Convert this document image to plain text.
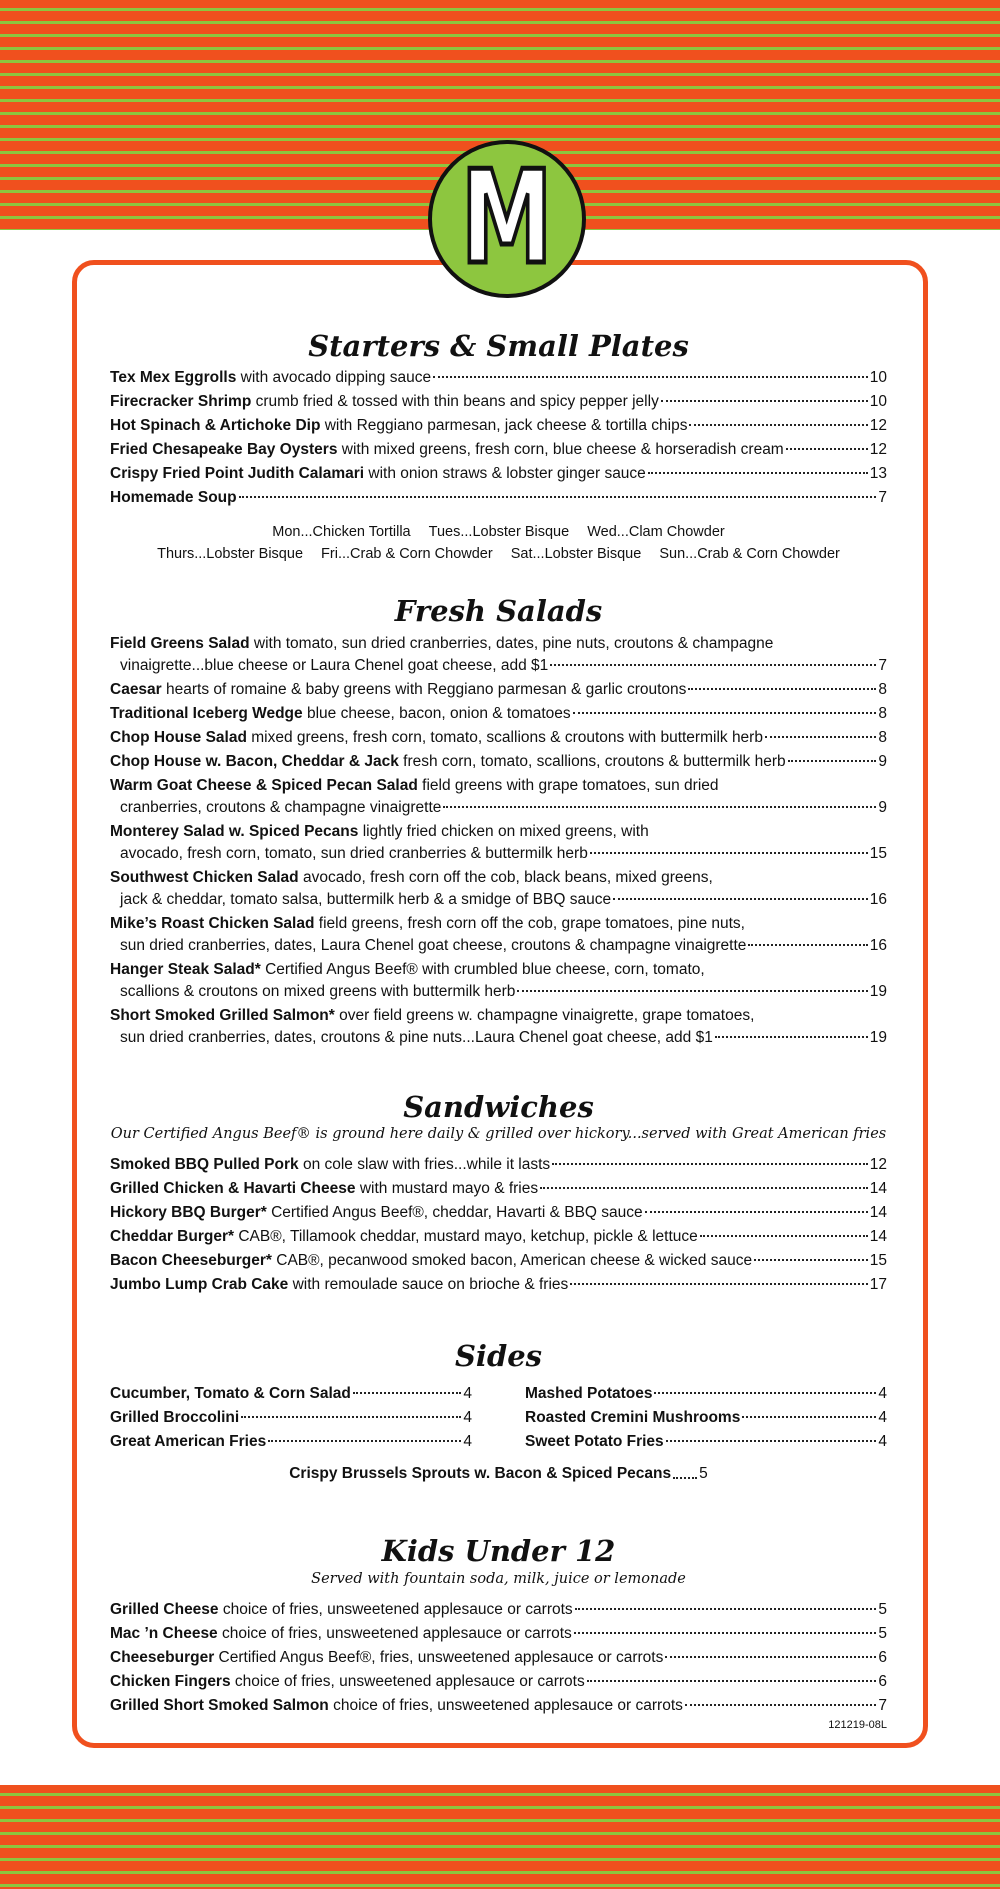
M
Starters & Small Plates
Tex Mex Eggrolls with avocado dipping sauce	10
Firecracker Shrimp crumb fried & tossed with thin beans and spicy pepper jelly	10
Hot Spinach & Artichoke Dip with Reggiano parmesan, jack cheese & tortilla chips	12
Fried Chesapeake Bay Oysters with mixed greens, fresh corn, blue cheese & horseradish cream	12
Crispy Fried Point Judith Calamari with onion straws & lobster ginger sauce	13
Homemade Soup	7
Mon...Chicken Tortilla Tues...Lobster Bisque Wed...Clam Chowder
Thurs...Lobster Bisque Fri...Crab & Corn Chowder Sat...Lobster Bisque Sun...Crab & Corn Chowder
Fresh Salads
Field Greens Salad with tomato, sun dried cranberries, dates, pine nuts, croutons & champagne
vinaigrette...blue cheese or Laura Chenel goat cheese, add $1	7
Caesar hearts of romaine & baby greens with Reggiano parmesan & garlic croutons	8
Traditional Iceberg Wedge blue cheese, bacon, onion & tomatoes	8
Chop House Salad mixed greens, fresh corn, tomato, scallions & croutons with buttermilk herb	8
Chop House w. Bacon, Cheddar & Jack fresh corn, tomato, scallions, croutons & buttermilk herb	9
Warm Goat Cheese & Spiced Pecan Salad field greens with grape tomatoes, sun dried
cranberries, croutons & champagne vinaigrette	9
Monterey Salad w. Spiced Pecans lightly fried chicken on mixed greens, with
avocado, fresh corn, tomato, sun dried cranberries & buttermilk herb	15
Southwest Chicken Salad avocado, fresh corn off the cob, black beans, mixed greens,
jack & cheddar, tomato salsa, buttermilk herb & a smidge of BBQ sauce	16
Mike’s Roast Chicken Salad field greens, fresh corn off the cob, grape tomatoes, pine nuts,
sun dried cranberries, dates, Laura Chenel goat cheese, croutons & champagne vinaigrette	16
Hanger Steak Salad* Certified Angus Beef® with crumbled blue cheese, corn, tomato,
scallions & croutons on mixed greens with buttermilk herb	19
Short Smoked Grilled Salmon* over field greens w. champagne vinaigrette, grape tomatoes,
sun dried cranberries, dates, croutons & pine nuts...Laura Chenel goat cheese, add $1	19
Sandwiches

Our Certified Angus Beef® is ground here daily & grilled over hickory...served with Great American fries

Smoked BBQ Pulled Pork on cole slaw with fries...while it lasts	12
Grilled Chicken & Havarti Cheese with mustard mayo & fries	14
Hickory BBQ Burger* Certified Angus Beef®, cheddar, Havarti & BBQ sauce	14
Cheddar Burger* CAB®, Tillamook cheddar, mustard mayo, ketchup, pickle & lettuce	14
Bacon Cheeseburger* CAB®, pecanwood smoked bacon, American cheese & wicked sauce	15
Jumbo Lump Crab Cake with remoulade sauce on brioche & fries	17
Sides
Cucumber, Tomato & Corn Salad	4
Grilled Broccolini	4
Great American Fries	4
Mashed Potatoes	4
Roasted Cremini Mushrooms	4
Sweet Potato Fries	4
Crispy Brussels Sprouts w. Bacon & Spiced Pecans 5
Kids Under 12

Served with fountain soda, milk, juice or lemonade

Grilled Cheese choice of fries, unsweetened applesauce or carrots	5
Mac ’n Cheese choice of fries, unsweetened applesauce or carrots	5
Cheeseburger Certified Angus Beef®, fries, unsweetened applesauce or carrots	6
Chicken Fingers choice of fries, unsweetened applesauce or carrots	6
Grilled Short Smoked Salmon choice of fries, unsweetened applesauce or carrots	7
121219-08L
